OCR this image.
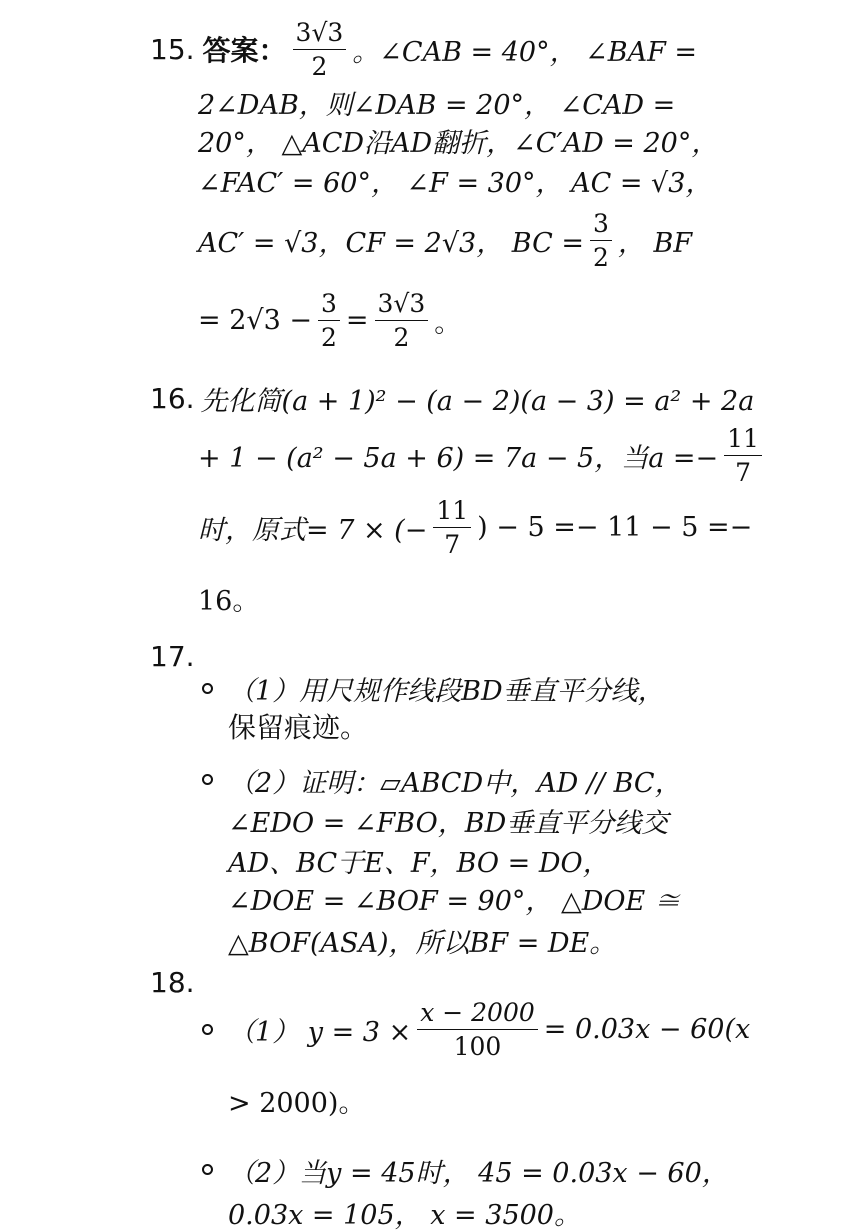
15. 答案： $\frac{3√3}{2}$ 。∠CAB = 40°， ∠BAF =
2∠DAB，则∠DAB = 20°， ∠CAD =
20°， △ACD沿AD翻折，∠C′AD = 20°，
∠FAC′ = 60°， ∠F = 30°， AC = √3，
AC′ = √3，CF = 2√3， BC = $\frac{3}{2}$ ， BF
= $2√3 - \frac{3}{2} = \frac{3√3}{2}$ 。
16. 先化简(a + 1)² − (a − 2)(a − 3) = a² + 2a
+ 1 − (a² − 5a + 6) = 7a − 5，当$a =- \frac{11}{7}$
时，原式= 7 × (− $\frac{11}{7}$ ) − 5 =− 11 − 5 =−
16。
17.
（1）用尺规作线段BD垂直平分线，
保留痕迹。
（2）证明：▱ABCD中，AD // BC，
∠EDO = ∠FBO，BD垂直平分线交
AD、BC于E、F，BO = DO，
∠DOE = ∠BOF = 90°， △DOE ≅
△BOF(ASA)，所以BF = DE。
18.
（1） $y = 3 \times \frac{x - 2000}{100} = 0.03x - 60(x$
> 2000)。
（2）当y = 45时， 45 = 0.03x − 60，
0.03x = 105， x = 3500。
